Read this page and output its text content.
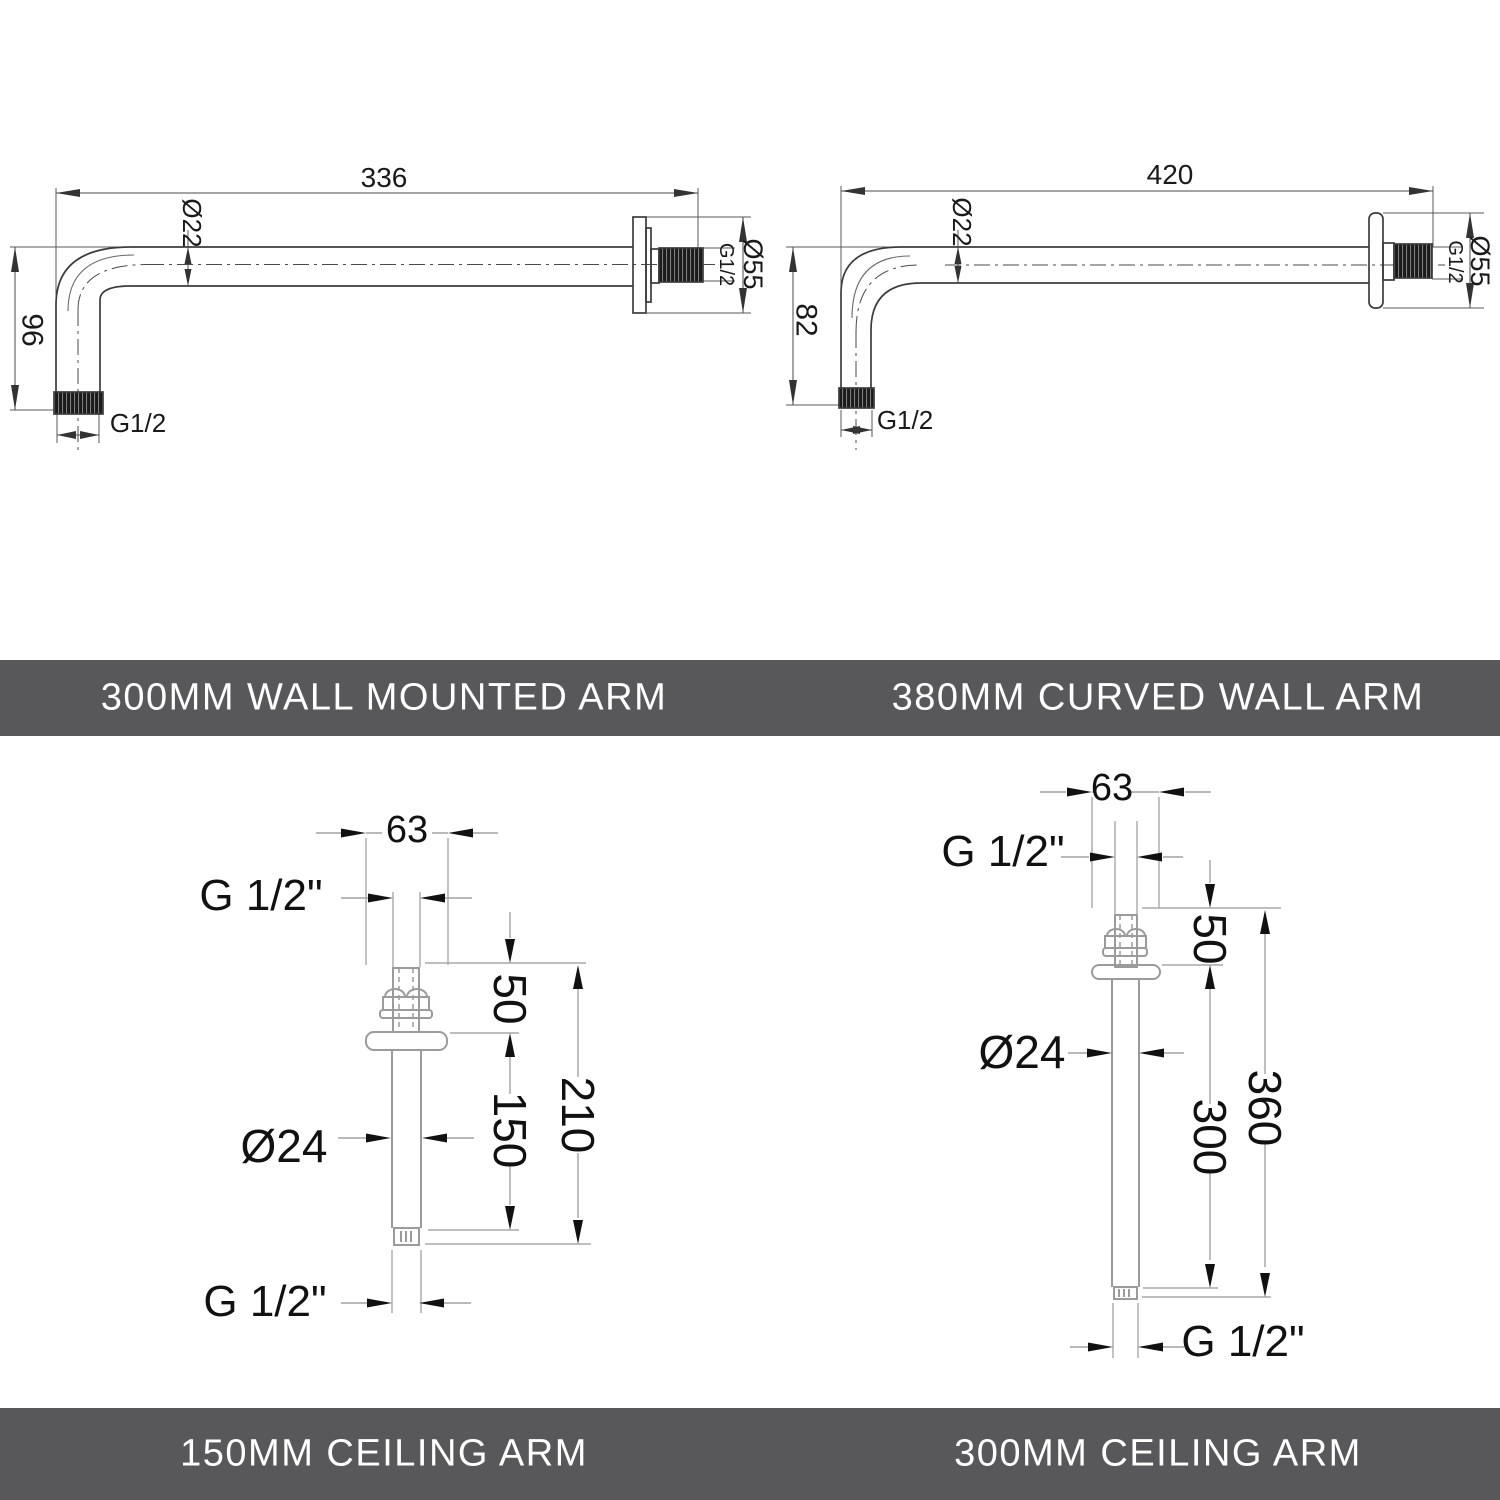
336
96
Ø22
G1/2
Ø55
G1/2
420
82
Ø22
G1/2
Ø55
G1/2
300MM WALL MOUNTED ARM	380MM CURVED WALL ARM
63
G 1/2"
Ø24
G 1/2"
50
150 210
63
G 1/2"
Ø24
G 1/2"
50
300 360
150MM CEILING ARM	300MM CEILING ARM
